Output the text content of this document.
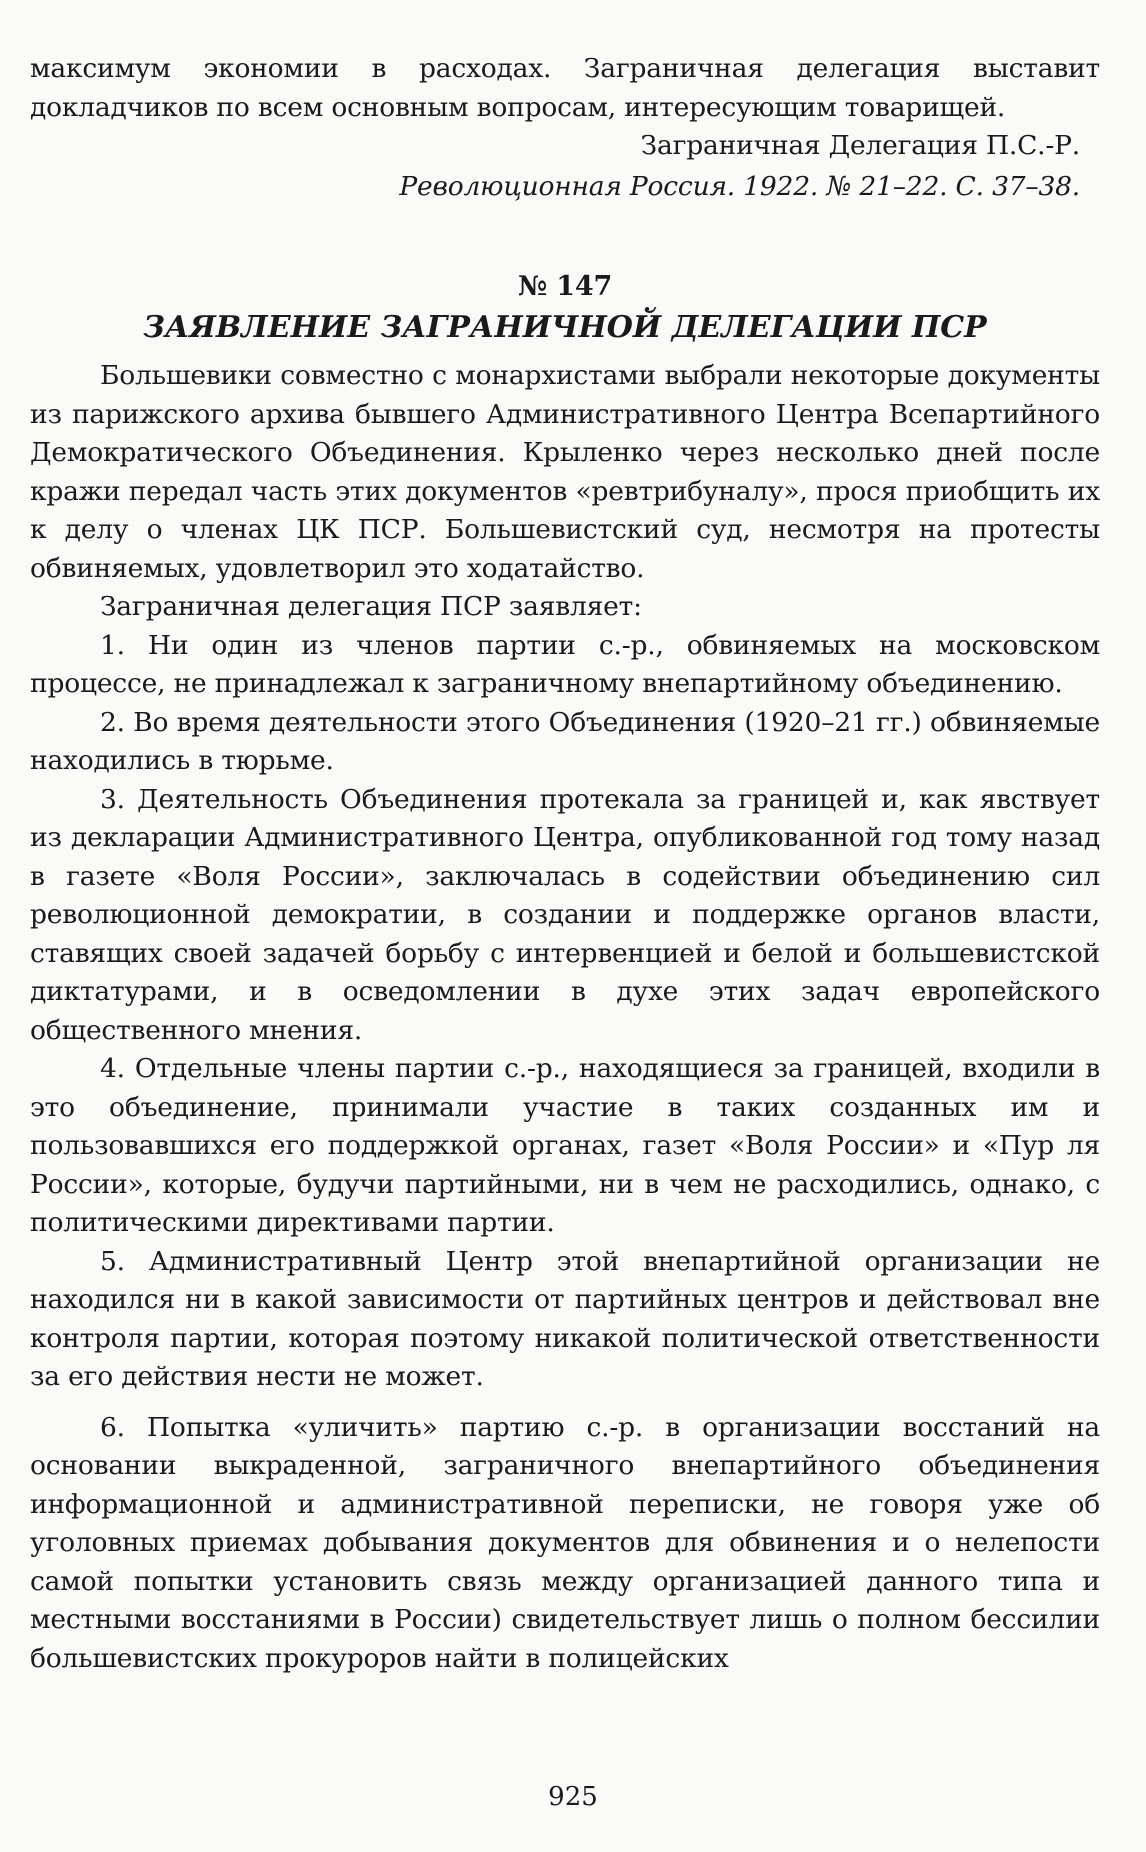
максимум экономии в расходах. Заграничная делегация выставит докладчиков по всем основным вопросам, интересующим товарищей.

Заграничная Делегация П.С.-Р.

Революционная Россия. 1922. № 21–22. С. 37–38.

№ 147

ЗАЯВЛЕНИЕ ЗАГРАНИЧНОЙ ДЕЛЕГАЦИИ ПСР

Большевики совместно с монархистами выбрали некоторые документы из парижского архива бывшего Административного Центра Всепартийного Демократического Объединения. Крыленко через несколько дней после кражи передал часть этих документов «ревтрибуналу», прося приобщить их к делу о членах ЦК ПСР. Большевистский суд, несмотря на протесты обвиняемых, удовлетворил это ходатайство.

Заграничная делегация ПСР заявляет:

1. Ни один из членов партии с.-р., обвиняемых на московском процессе, не принадлежал к заграничному внепартийному объединению.

2. Во время деятельности этого Объединения (1920–21 гг.) обвиняемые находились в тюрьме.

3. Деятельность Объединения протекала за границей и, как явствует из декларации Административного Центра, опубликованной год тому назад в газете «Воля России», заключалась в содействии объединению сил революционной демократии, в создании и поддержке органов власти, ставящих своей задачей борьбу с интервенцией и белой и большевистской диктатурами, и в осведомлении в духе этих задач европейского общественного мнения.

4. Отдельные члены партии с.-р., находящиеся за границей, входили в это объединение, принимали участие в таких созданных им и пользовавшихся его поддержкой органах, газет «Воля России» и «Пур ля России», которые, будучи партийными, ни в чем не расходились, однако, с политическими директивами партии.

5. Административный Центр этой внепартийной организации не находился ни в какой зависимости от партийных центров и действовал вне контроля партии, которая поэтому никакой политической ответственности за его действия нести не может.

6. Попытка «уличить» партию с.-р. в организации восстаний на основании выкраденной, заграничного внепартийного объединения информационной и административной переписки, не говоря уже об уголовных приемах добывания документов для обвинения и о нелепости самой попытки установить связь между организацией данного типа и местными восстаниями в России) свидетельствует лишь о полном бессилии большевистских прокуроров найти в полицейских

925
